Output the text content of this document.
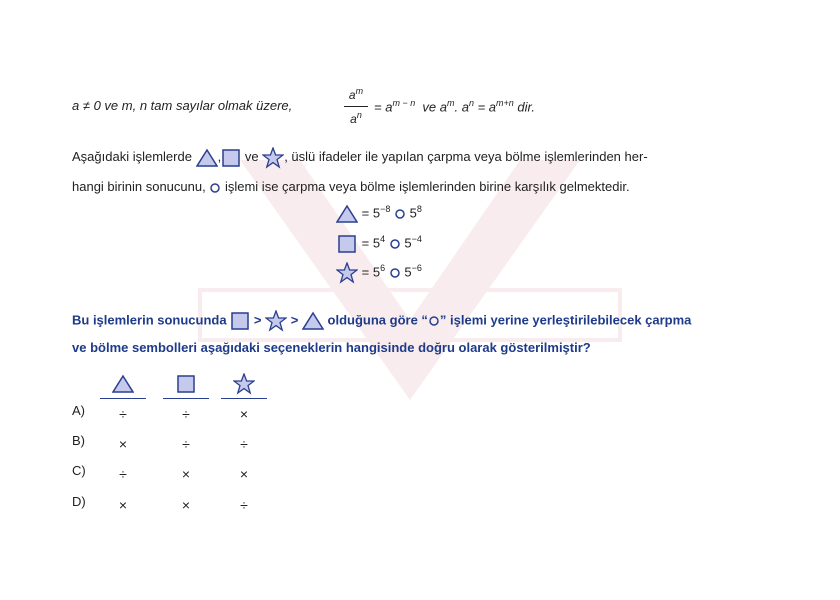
a ≠ 0 ve m, n tam sayılar olmak üzere,
$a^m$
$a^n$
= $a^{m - n}$  ve $a^m$. $a^n = a^{m+n}$ dir.
Aşağıdaki işlemlerde , ve , üslü ifadeler ile yapılan çarpma veya bölme işlemlerinden her-
hangi birinin sonucunu, işlemi ise çarpma veya bölme işlemlerinden birine karşılık gelmektedir.
= $5^{-8}$ $5^8$
= $5^4$ $5^{-4}$
= $5^6$ $5^{-6}$
Bu işlemlerin sonucunda > > olduğuna göre “ ” işlemi yerine yerleştirilebilecek çarpma
ve bölme sembolleri aşağıdaki seçeneklerin hangisinde doğru olarak gösterilmiştir?
A)	÷	÷	×
B)	×	÷	÷
C)	÷	×	×
D)	×	×	÷
